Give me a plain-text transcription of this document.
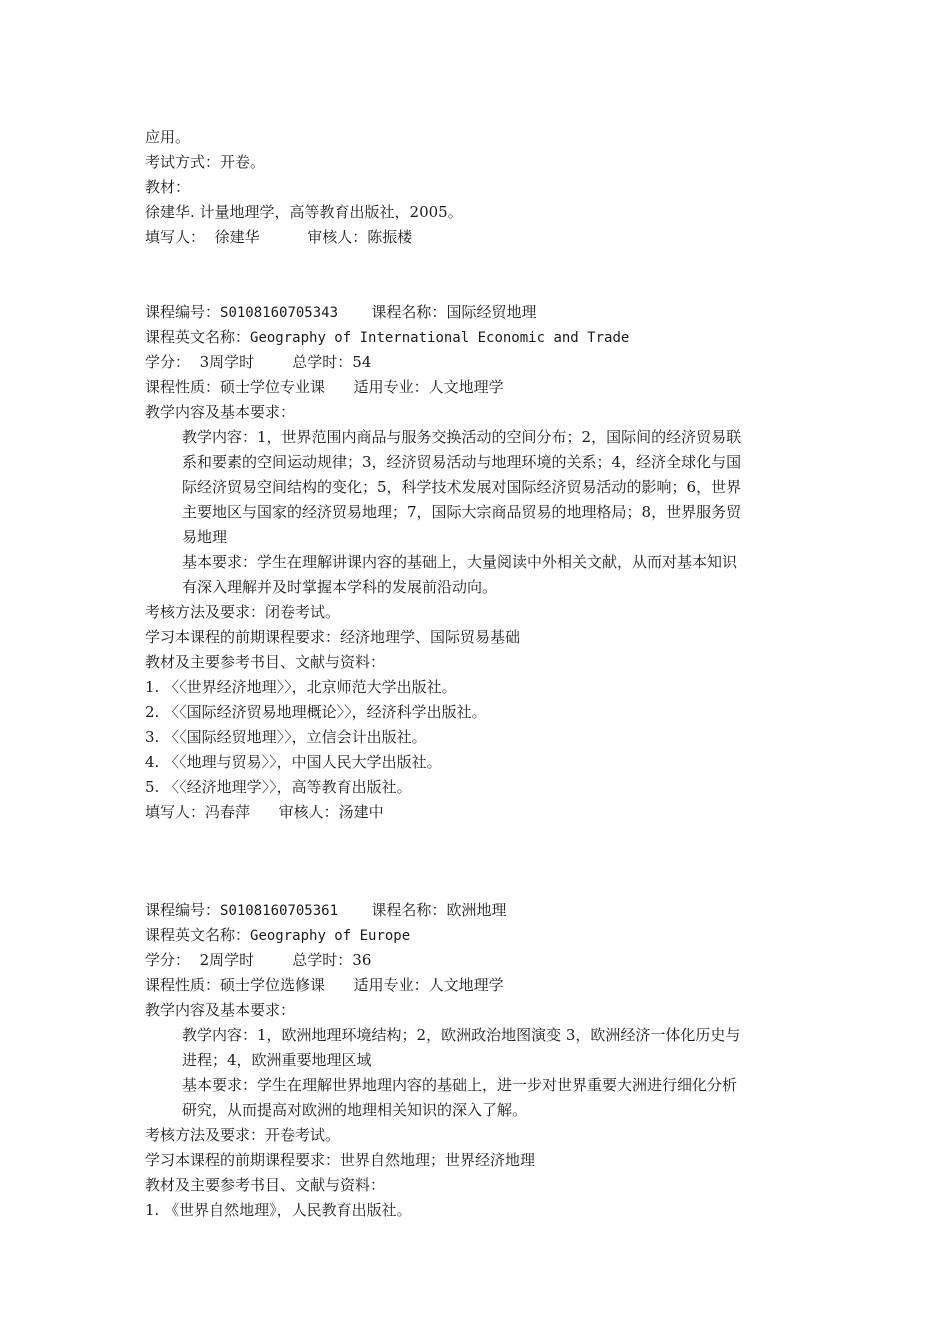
应用。
考试方式：开卷。
教材：
徐建华. 计量地理学，高等教育出版社，2005。
填写人： 徐建华	审核人：陈振楼
课程编号：S0108160705343 课程名称：国际经贸地理
课程英文名称：Geography of International Economic and Trade
学分： 3周学时	总学时：54
课程性质：硕士学位专业课 适用专业：人文地理学
教学内容及基本要求：
教学内容：1，世界范围内商品与服务交换活动的空间分布；2，国际间的经济贸易联
系和要素的空间运动规律；3，经济贸易活动与地理环境的关系；4，经济全球化与国
际经济贸易空间结构的变化；5，科学技术发展对国际经济贸易活动的影响；6，世界
主要地区与国家的经济贸易地理；7，国际大宗商品贸易的地理格局；8，世界服务贸
易地理
基本要求：学生在理解讲课内容的基础上，大量阅读中外相关文献，从而对基本知识
有深入理解并及时掌握本学科的发展前沿动向。
考核方法及要求：闭卷考试。
学习本课程的前期课程要求：经济地理学、国际贸易基础
教材及主要参考书目、文献与资料：
1. 〈〈世界经济地理〉〉，北京师范大学出版社。
2. 〈〈国际经济贸易地理概论〉〉，经济科学出版社。
3. 〈〈国际经贸地理〉〉，立信会计出版社。
4. 〈〈地理与贸易〉〉，中国人民大学出版社。
5. 〈〈经济地理学〉〉，高等教育出版社。
填写人：冯春萍 审核人：汤建中
课程编号：S0108160705361 课程名称：欧洲地理
课程英文名称：Geography of Europe
学分： 2周学时	总学时：36
课程性质：硕士学位选修课 适用专业：人文地理学
教学内容及基本要求：
教学内容：1，欧洲地理环境结构；2，欧洲政治地图演变 3，欧洲经济一体化历史与
进程；4，欧洲重要地理区域
基本要求：学生在理解世界地理内容的基础上，进一步对世界重要大洲进行细化分析
研究，从而提高对欧洲的地理相关知识的深入了解。
考核方法及要求：开卷考试。
学习本课程的前期课程要求：世界自然地理；世界经济地理
教材及主要参考书目、文献与资料：
1. 《世界自然地理》，人民教育出版社。
